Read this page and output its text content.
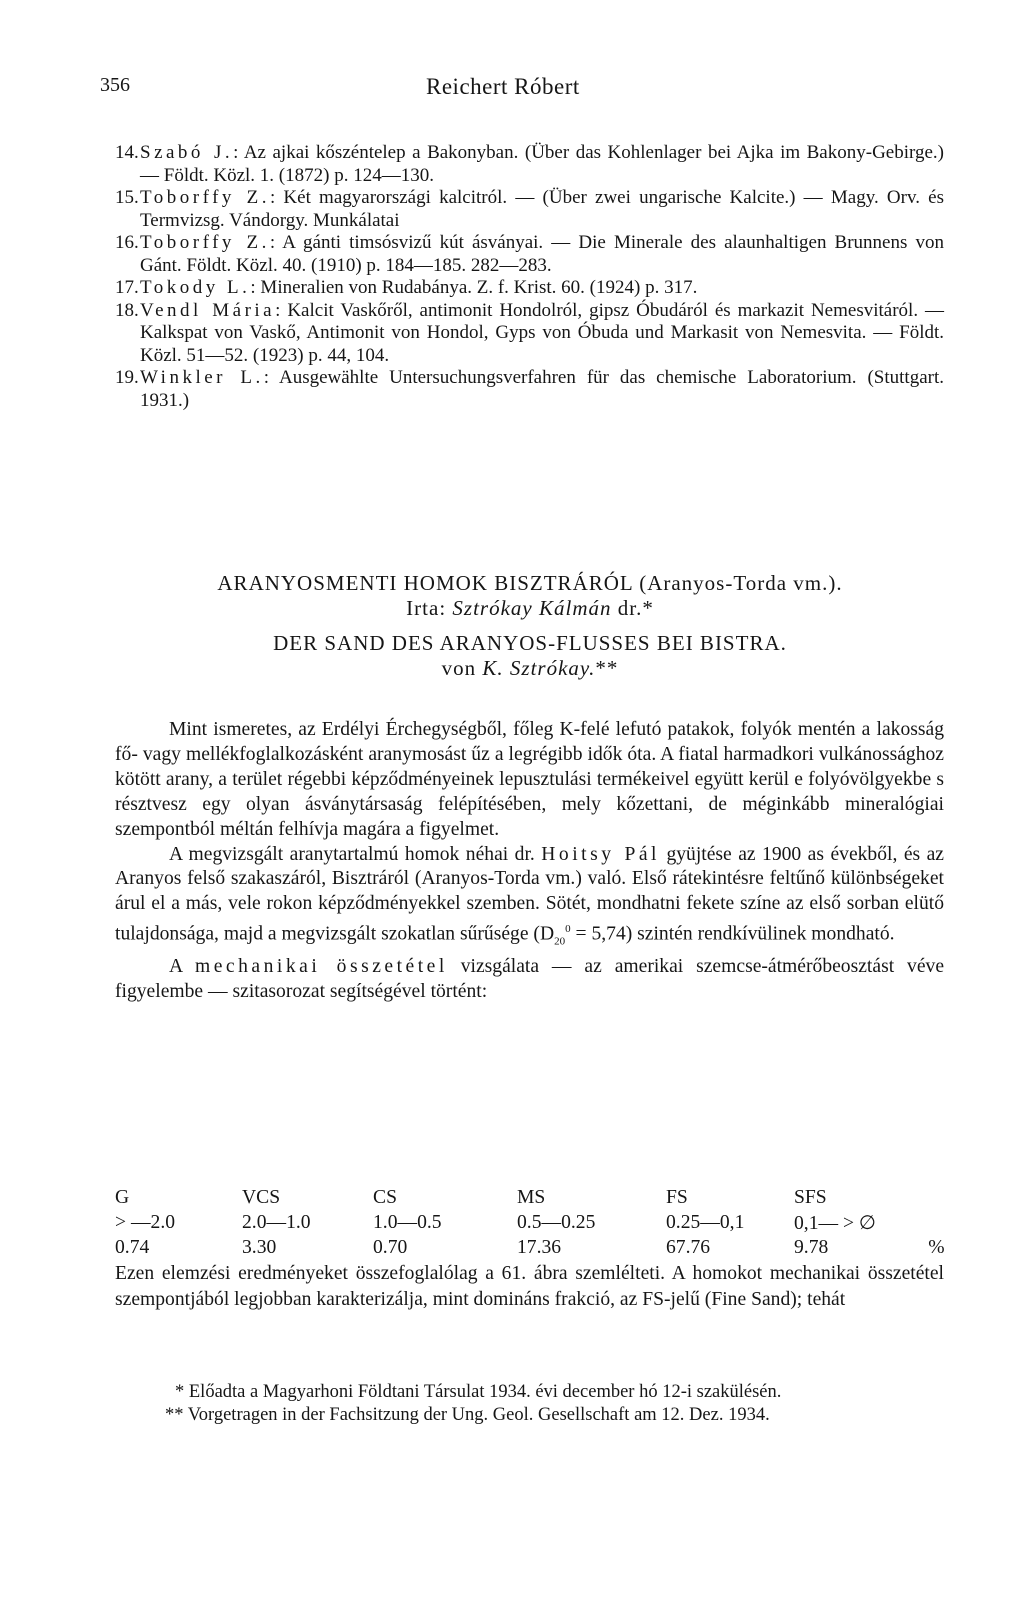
356	Reichert Róbert

14. Szabó J.: Az ajkai kőszéntelep a Bakonyban. (Über das Kohlenlager bei Ajka im Bakony-Gebirge.) — Földt. Közl. 1. (1872) p. 124—130.

15. Toborffy Z.: Két magyarországi kalcitról. — (Über zwei ungarische Kalcite.) — Magy. Orv. és Termvizsg. Vándorgy. Munkálatai

16. Toborffy Z.: A gánti timsósvizű kút ásványai. — Die Minerale des alaunhaltigen Brunnens von Gánt. Földt. Közl. 40. (1910) p. 184—185. 282—283.

17. Tokody L.: Mineralien von Rudabánya. Z. f. Krist. 60. (1924) p. 317.

18. Vendl Mária: Kalcit Vaskőről, antimonit Hondolról, gipsz Óbudáról és markazit Nemesvitáról. — Kalkspat von Vaskő, Antimonit von Hondol, Gyps von Óbuda und Markasit von Nemesvita. — Földt. Közl. 51—52. (1923) p. 44, 104.

19. Winkler L.: Ausgewählte Untersuchungsverfahren für das chemische Laboratorium. (Stuttgart. 1931.)

ARANYOSMENTI HOMOK BISZTRÁRÓL (Aranyos-Torda vm.).

Irta: Sztrókay Kálmán dr.*

DER SAND DES ARANYOS-FLUSSES BEI BISTRA.

von K. Sztrókay.**

Mint ismeretes, az Erdélyi Érchegységből, főleg K-felé lefutó patakok, folyók mentén a lakosság fő- vagy mellékfoglalkozásként aranymosást űz a legrégibb idők óta. A fiatal harmadkori vulkánossághoz kötött arany, a terület régebbi képződményeinek lepusztulási termékeivel együtt kerül e folyóvölgyekbe s résztvesz egy olyan ásványtársaság felépítésében, mely kőzettani, de méginkább mineralógiai szempontból méltán felhívja magára a figyelmet.

A megvizsgált aranytartalmú homok néhai dr. Hoitsy Pál gyüjtése az 1900 as évekből, és az Aranyos felső szakaszáról, Bisztráról (Aranyos-Torda vm.) való. Első rátekintésre feltűnő különbségeket árul el a más, vele rokon képződményekkel szemben. Sötét, mondhatni fekete színe az első sorban elütő tulajdonsága, majd a megvizsgált szokatlan sűrűsége $(D_{20}^0 = 5,74)$ szintén rendkívülinek mondható.

A mechanikai összetétel vizsgálata — az amerikai szemcse-átmérőbeosztást véve figyelembe — szitasorozat segítségével történt:

G	VCS	CS	MS	FS	SFS	
> —2.0	2.0—1.0	1.0—0.5	0.5—0.25	0.25—0,1	0,1— > ∅	
0.74	3.30	0.70	17.36	67.76	9.78	%

Ezen elemzési eredményeket összefoglalólag a 61. ábra szemlélteti. A homokot mechanikai összetétel szempontjából legjobban karakterizálja, mint domináns frakció, az FS-jelű (Fine Sand); tehát

* Előadta a Magyarhoni Földtani Társulat 1934. évi december hó 12-i szakülésén.

** Vorgetragen in der Fachsitzung der Ung. Geol. Gesellschaft am 12. Dez. 1934.
